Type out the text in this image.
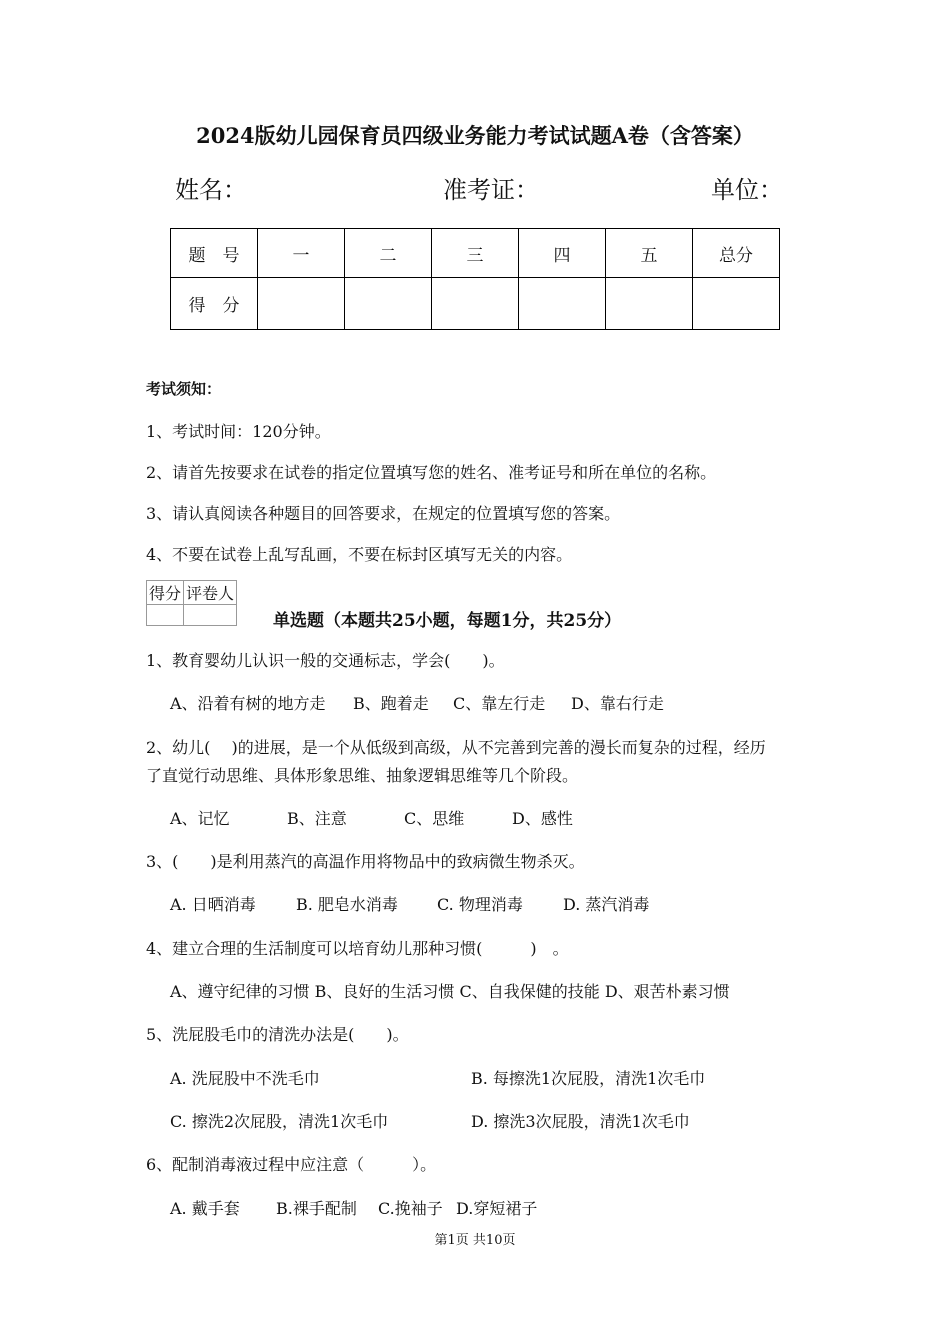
2024版幼儿园保育员四级业务能力考试试题A卷（含答案）
姓名：	准考证：	单位：
题　号	一	二	三	四	五	总分
得　分						
考试须知：
1、考试时间：120分钟。
2、请首先按要求在试卷的指定位置填写您的姓名、准考证号和所在单位的名称。
3、请认真阅读各种题目的回答要求，在规定的位置填写您的答案。
4、不要在试卷上乱写乱画，不要在标封区填写无关的内容。
得分	评卷人

单选题（本题共25小题，每题1分，共25分）
1、教育婴幼儿认识一般的交通标志，学会(　　)。
A、沿着有树的地方走 B、跑着走 C、靠左行走 D、靠右行走
2、幼儿(　 )的进展，是一个从低级到高级，从不完善到完善的漫长而复杂的过程，经历
了直觉行动思维、具体形象思维、抽象逻辑思维等几个阶段。
A、记忆	B、注意	C、思维	D、感性
3、(　　)是利用蒸汽的高温作用将物品中的致病微生物杀灭。
A. 日晒消毒	B. 肥皂水消毒 C. 物理消毒	D. 蒸汽消毒
4、建立合理的生活制度可以培育幼儿那种习惯(　　　)　。
A、遵守纪律的习惯 B、良好的生活习惯 C、自我保健的技能 D、艰苦朴素习惯
5、洗屁股毛巾的清洗办法是(　　)。
A. 洗屁股中不洗毛巾	B. 每擦洗1次屁股，清洗1次毛巾
C. 擦洗2次屁股，清洗1次毛巾	D. 擦洗3次屁股，清洗1次毛巾
6、配制消毒液过程中应注意（　　　）。
A. 戴手套 B.裸手配制 C.挽袖子 D.穿短裙子
第1页 共10页
